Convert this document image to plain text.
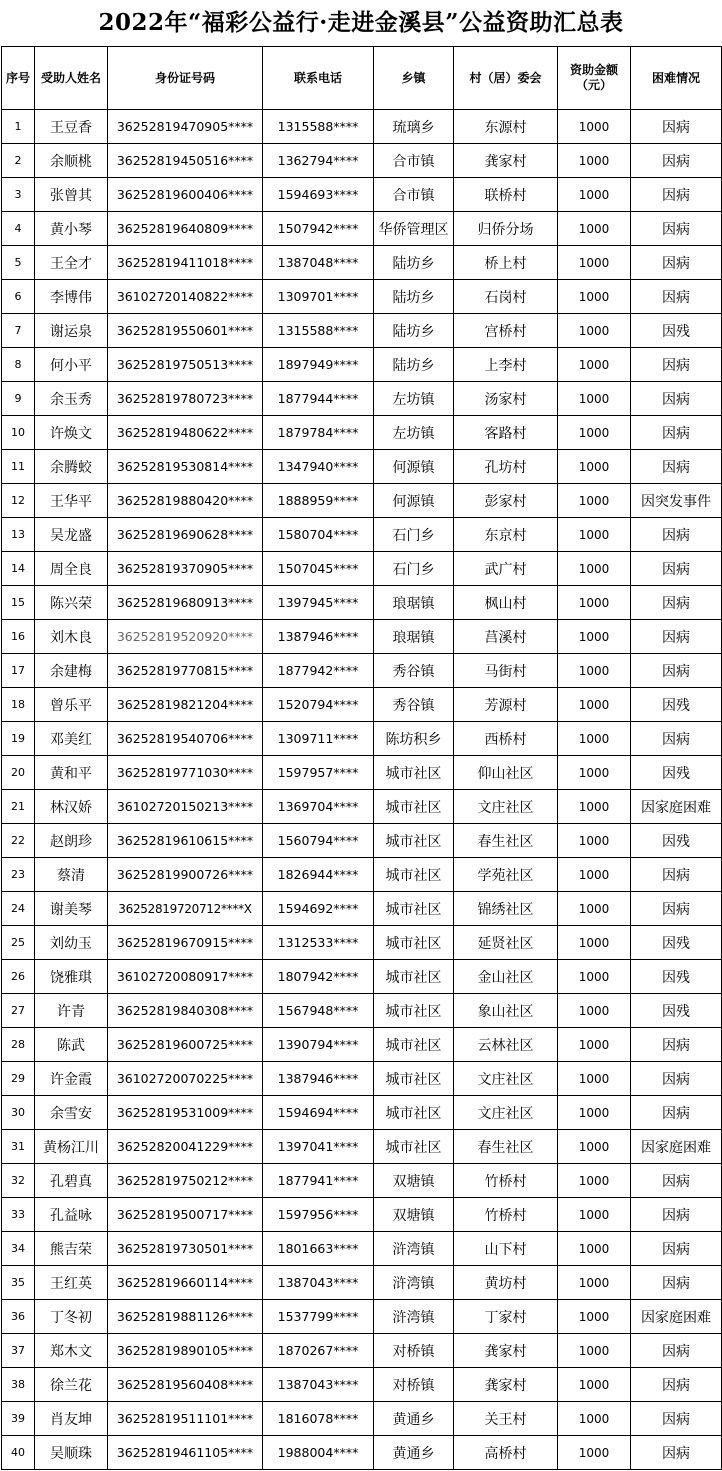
2022年“福彩公益行·走进金溪县”公益资助汇总表
序号	受助人姓名	身份证号码	联系电话	乡镇	村（居）委会	资助金额（元）	困难情况
1	王豆香	36252819470905****	1315588****	琉璃乡	东源村	1000	因病
2	余顺桃	36252819450516****	1362794****	合市镇	龚家村	1000	因病
3	张曾其	36252819600406****	1594693****	合市镇	联桥村	1000	因病
4	黄小琴	36252819640809****	1507942****	华侨管理区	归侨分场	1000	因病
5	王全才	36252819411018****	1387048****	陆坊乡	桥上村	1000	因病
6	李博伟	36102720140822****	1309701****	陆坊乡	石岗村	1000	因病
7	谢运泉	36252819550601****	1315588****	陆坊乡	宫桥村	1000	因残
8	何小平	36252819750513****	1897949****	陆坊乡	上李村	1000	因病
9	余玉秀	36252819780723****	1877944****	左坊镇	汤家村	1000	因病
10	许焕文	36252819480622****	1879784****	左坊镇	客路村	1000	因病
11	余腾蛟	36252819530814****	1347940****	何源镇	孔坊村	1000	因病
12	王华平	36252819880420****	1888959****	何源镇	彭家村	1000	因突发事件
13	吴龙盛	36252819690628****	1580704****	石门乡	东京村	1000	因病
14	周全良	36252819370905****	1507045****	石门乡	武广村	1000	因病
15	陈兴荣	36252819680913****	1397945****	琅琚镇	枫山村	1000	因病
16	刘木良	36252819520920****	1387946****	琅琚镇	莒溪村	1000	因病
17	余建梅	36252819770815****	1877942****	秀谷镇	马街村	1000	因病
18	曾乐平	36252819821204****	1520794****	秀谷镇	芳源村	1000	因残
19	邓美红	36252819540706****	1309711****	陈坊积乡	西桥村	1000	因病
20	黄和平	36252819771030****	1597957****	城市社区	仰山社区	1000	因残
21	林汉娇	36102720150213****	1369704****	城市社区	文庄社区	1000	因家庭困难
22	赵朗珍	36252819610615****	1560794****	城市社区	春生社区	1000	因残
23	蔡清	36252819900726****	1826944****	城市社区	学苑社区	1000	因病
24	谢美琴	36252819720712****X	1594692****	城市社区	锦绣社区	1000	因病
25	刘幼玉	36252819670915****	1312533****	城市社区	延贤社区	1000	因残
26	饶雅琪	36102720080917****	1807942****	城市社区	金山社区	1000	因残
27	许青	36252819840308****	1567948****	城市社区	象山社区	1000	因残
28	陈武	36252819600725****	1390794****	城市社区	云林社区	1000	因病
29	许金霞	36102720070225****	1387946****	城市社区	文庄社区	1000	因病
30	余雪安	36252819531009****	1594694****	城市社区	文庄社区	1000	因病
31	黄杨江川	36252820041229****	1397041****	城市社区	春生社区	1000	因家庭困难
32	孔碧真	36252819750212****	1877941****	双塘镇	竹桥村	1000	因病
33	孔益咏	36252819500717****	1597956****	双塘镇	竹桥村	1000	因病
34	熊吉荣	36252819730501****	1801663****	浒湾镇	山下村	1000	因病
35	王红英	36252819660114****	1387043****	浒湾镇	黄坊村	1000	因病
36	丁冬初	36252819881126****	1537799****	浒湾镇	丁家村	1000	因家庭困难
37	郑木文	36252819890105****	1870267****	对桥镇	龚家村	1000	因病
38	徐兰花	36252819560408****	1387043****	对桥镇	龚家村	1000	因病
39	肖友坤	36252819511101****	1816078****	黄通乡	关王村	1000	因病
40	吴顺珠	36252819461105****	1988004****	黄通乡	高桥村	1000	因病
